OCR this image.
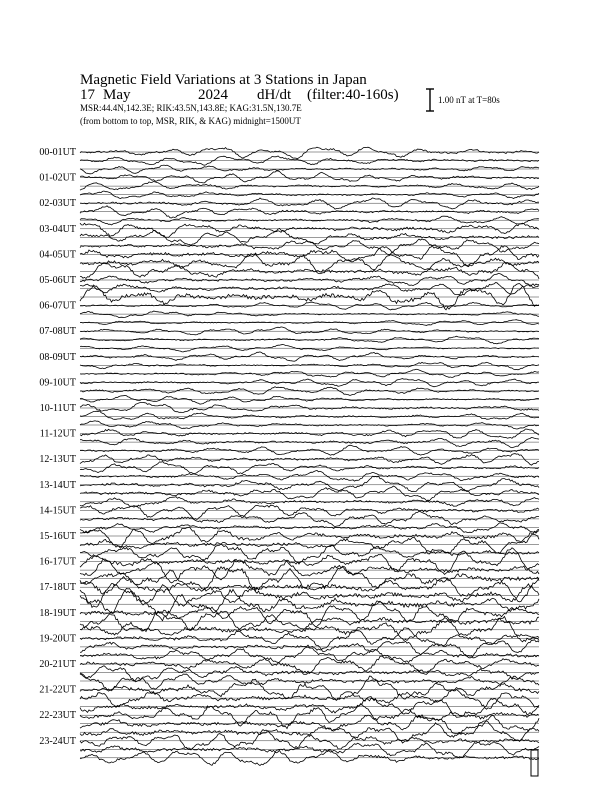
Magnetic Field Variations at 3 Stations in Japan
17 May	2024 dH/dt (filter:40-160s)
MSR:44.4N,142.3E; RIK:43.5N,143.8E; KAG:31.5N,130.7E
(from bottom to top, MSR, RIK, & KAG) midnight=1500UT
1.00 nT at T=80s
00-01UT
01-02UT
02-03UT
03-04UT
04-05UT
05-06UT
06-07UT
07-08UT
08-09UT
09-10UT
10-11UT
11-12UT
12-13UT
13-14UT
14-15UT
15-16UT
16-17UT
17-18UT
18-19UT
19-20UT
20-21UT
21-22UT
22-23UT
23-24UT
